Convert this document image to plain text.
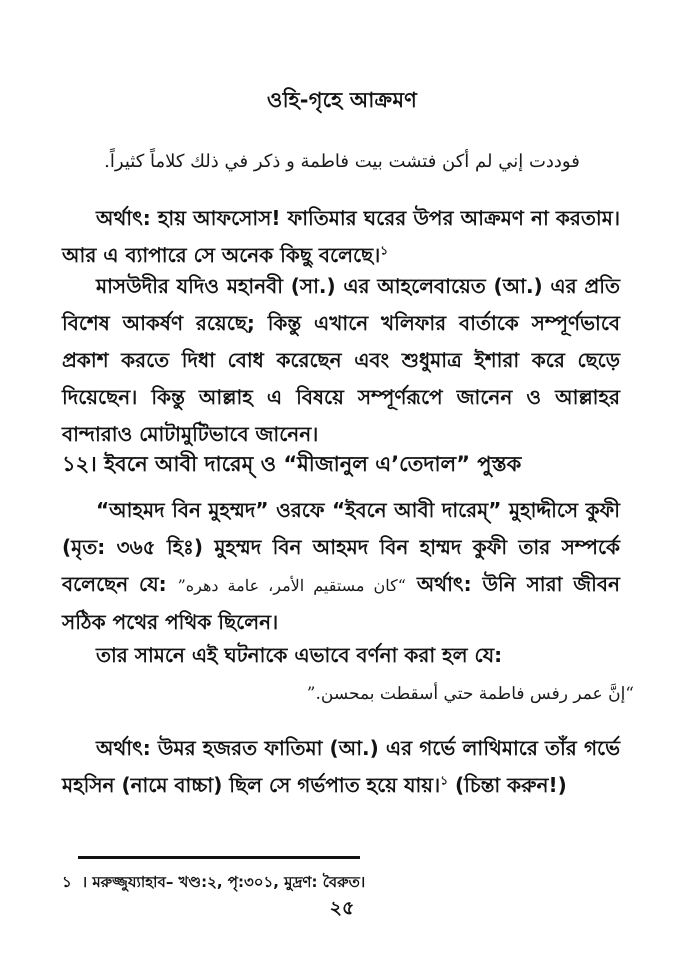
ওহি-গৃহে আক্রমণ
فوددت إني لم أكن فتشت بيت فاطمة و ذكر في ذلك كلاماً كثيراً.
অর্থাৎ: হায় আফসোস! ফাতিমার ঘরের উপর আক্রমণ না করতাম। আর এ ব্যাপারে সে অনেক কিছু বলেছে।$^১$
মাসউদীর যদিও মহানবী (সা.) এর আহলেবায়েত (আ.) এর প্রতি বিশেষ আকর্ষণ রয়েছে; কিন্তু এখানে খলিফার বার্তাকে সম্পূর্ণভাবে প্রকাশ করতে দিধা বোধ করেছেন এবং শুধুমাত্র ইশারা করে ছেড়ে দিয়েছেন। কিন্তু আল্লাহ এ বিষয়ে সম্পূর্ণরূপে জানেন ও আল্লাহর বান্দারাও মোটামুটিভাবে জানেন।
১২। ইবনে আবী দারেম্ ও “মীজানুল এ’তেদাল” পুস্তক
“আহমদ বিন মুহম্মদ” ওরফে “ইবনে আবী দারেম্” মুহাদ্দীসে কুফী (মৃত: ৩৬৫ হিঃ) মুহম্মদ বিন আহমদ বিন হাম্মদ কুফী তার সম্পর্কে বলেছেন যে: “كان مستقيم الأمر، عامة دهره” অর্থাৎ: উনি সারা জীবন সঠিক পথের পথিক ছিলেন।
তার সামনে এই ঘটনাকে এভাবে বর্ণনা করা হল যে:
“إنَّ عمر رفس فاطمة حتي أسقطت بمحسن.”
অর্থাৎ: উমর হজরত ফাতিমা (আ.) এর গর্ভে লাথিমারে তাঁর গর্ভে মহসিন (নামে বাচ্চা) ছিল সে গর্ভপাত হয়ে যায়।$^১$ (চিন্তা করুন!)
১ । মরুজ্জুয্যাহাব– খণ্ড:২, পৃ:৩০১, মুদ্রণ: বৈরুত।
২৫
